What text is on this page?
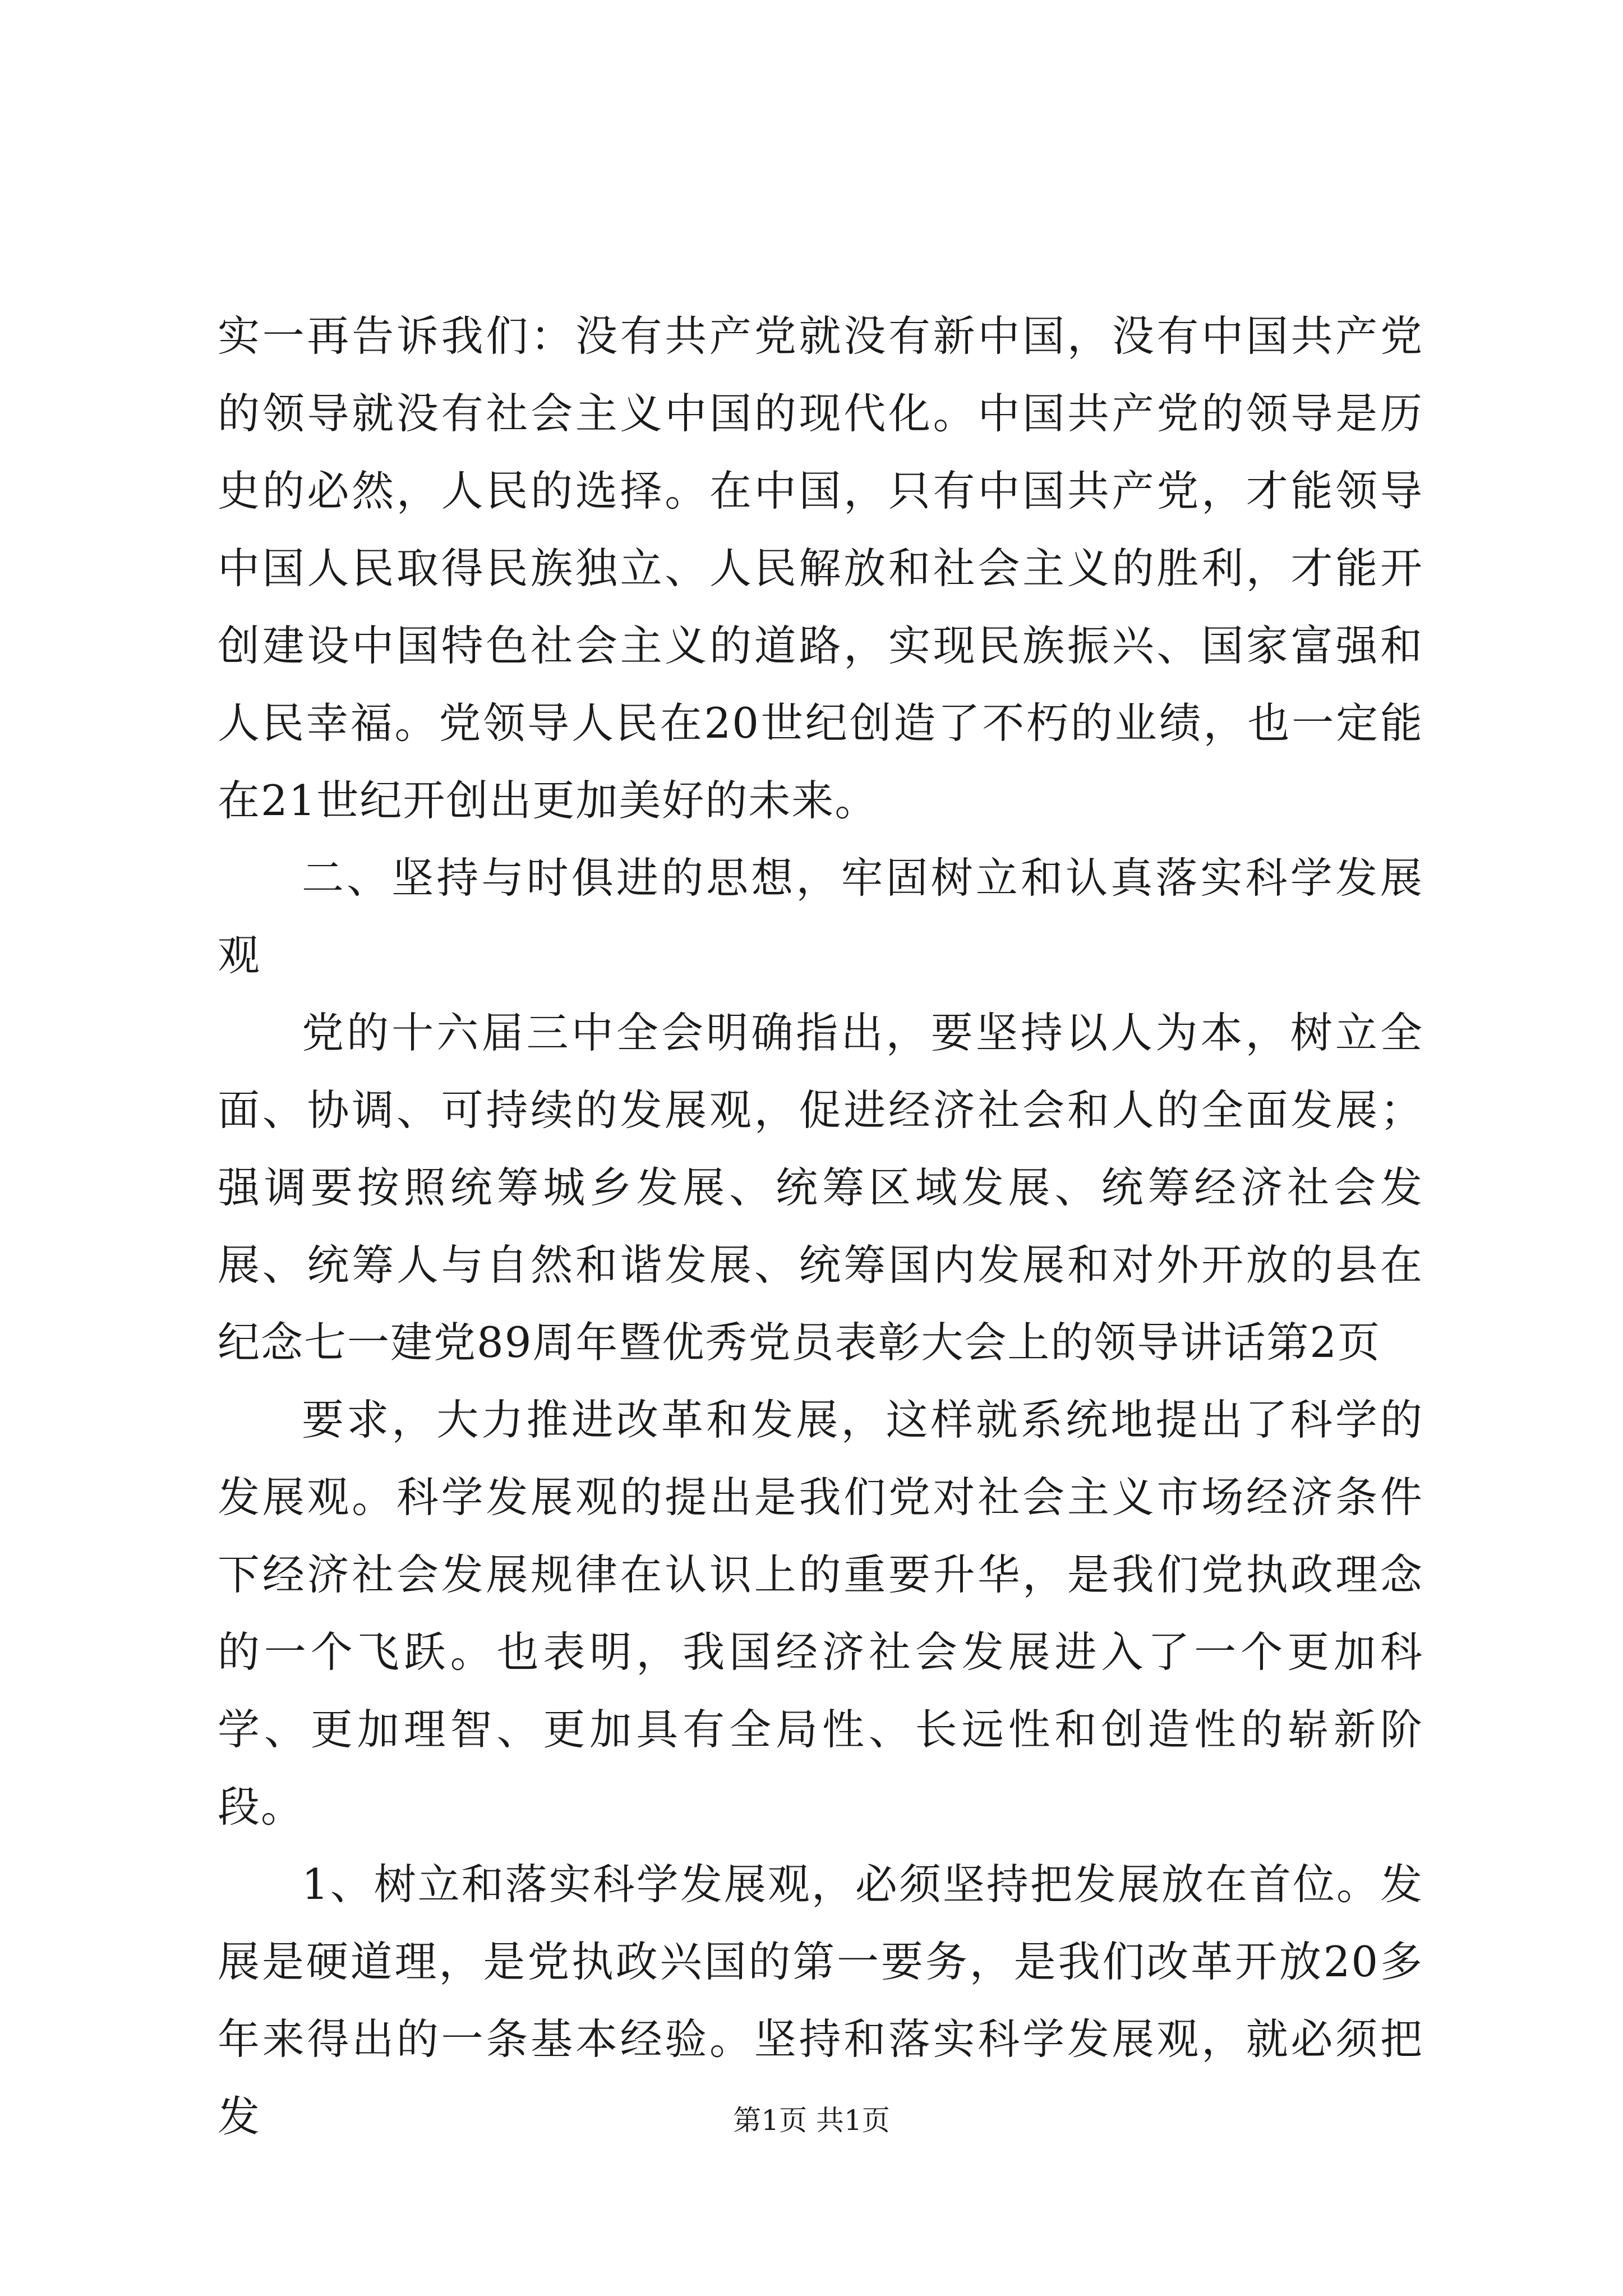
实一再告诉我们：没有共产党就没有新中国，没有中国共产党的领导就没有社会主义中国的现代化。中国共产党的领导是历史的必然，人民的选择。在中国，只有中国共产党，才能领导中国人民取得民族独立、人民解放和社会主义的胜利，才能开创建设中国特色社会主义的道路，实现民族振兴、国家富强和人民幸福。党领导人民在20世纪创造了不朽的业绩，也一定能在21世纪开创出更加美好的未来。

二、坚持与时俱进的思想，牢固树立和认真落实科学发展观

党的十六届三中全会明确指出，要坚持以人为本，树立全面、协调、可持续的发展观，促进经济社会和人的全面发展；强调要按照统筹城乡发展、统筹区域发展、统筹经济社会发展、统筹人与自然和谐发展、统筹国内发展和对外开放的县在纪念七一建党89周年暨优秀党员表彰大会上的领导讲话第2页

要求，大力推进改革和发展，这样就系统地提出了科学的发展观。科学发展观的提出是我们党对社会主义市场经济条件下经济社会发展规律在认识上的重要升华，是我们党执政理念的一个飞跃。也表明，我国经济社会发展进入了一个更加科学、更加理智、更加具有全局性、长远性和创造性的崭新阶段。

1、树立和落实科学发展观，必须坚持把发展放在首位。发展是硬道理，是党执政兴国的第一要务，是我们改革开放20多年来得出的一条基本经验。坚持和落实科学发展观，就必须把发	第1页 共1页
